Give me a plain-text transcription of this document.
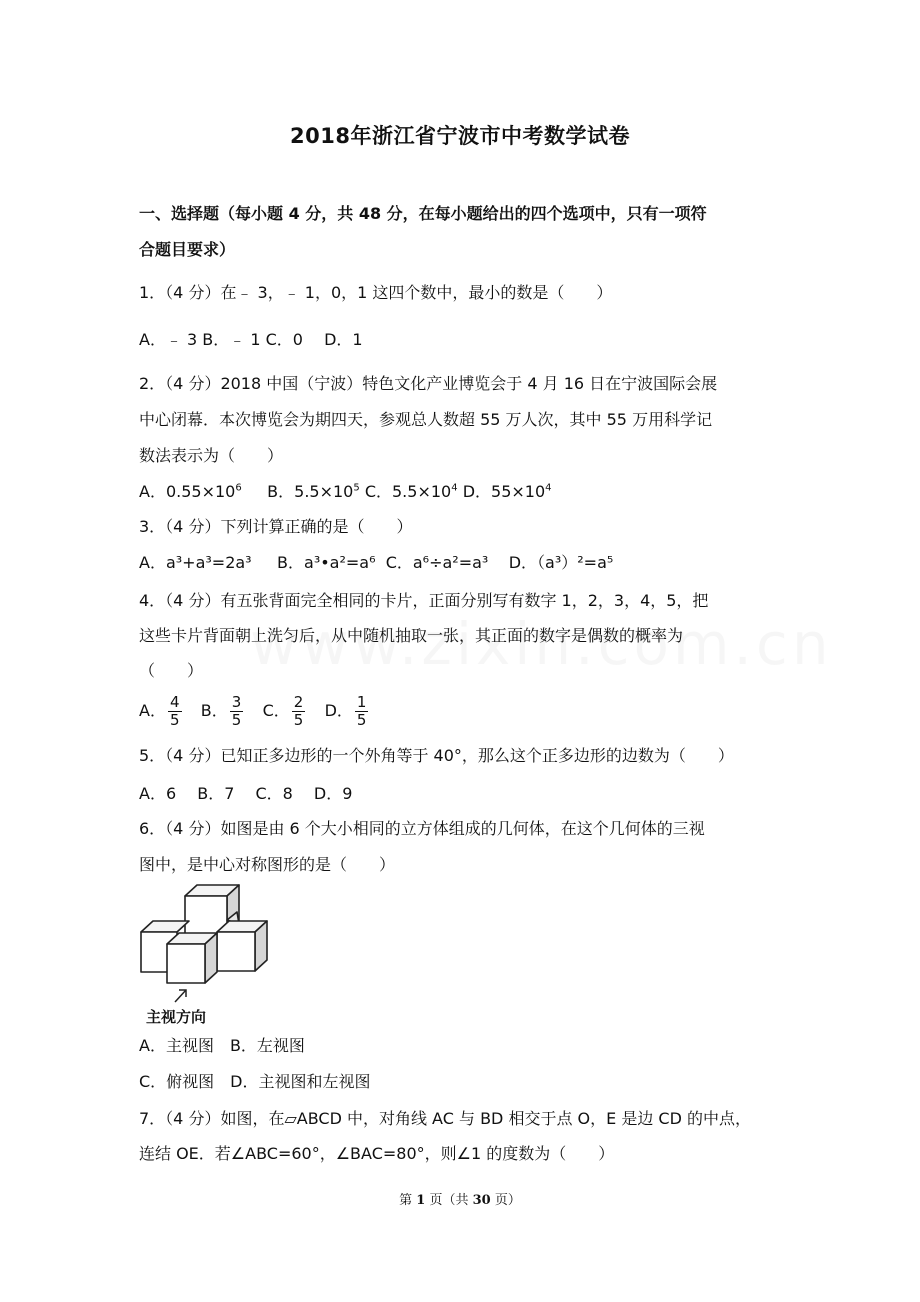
2018年浙江省宁波市中考数学试卷
一、选择题（每小题 4 分，共 48 分，在每小题给出的四个选项中，只有一项符
合题目要求）
1．（4 分）在﹣ 3，﹣ 1，0，1 这四个数中，最小的数是（　　）
A．﹣ 3 B．﹣ 1 C．0　 D．1
2．（4 分）2018 中国（宁波）特色文化产业博览会于 4 月 16 日在宁波国际会展
中心闭幕．本次博览会为期四天，参观总人数超 55 万人次，其中 55 万用科学记
数法表示为（　　）
A．$0.55\times 10^6$ B．$5.5\times 10^5$ C．$5.5\times 10^4$ D．$55\times 10^4$
3．（4 分）下列计算正确的是（　　）
A．a³+a³=2a³ B．a³•a²=a⁶ C．a⁶÷a²=a³ D．（a³）²=a⁵
4．（4 分）有五张背面完全相同的卡片，正面分别写有数字 1，2，3，4，5，把
这些卡片背面朝上洗匀后，从中随机抽取一张，其正面的数字是偶数的概率为
（　　）
A． $\frac{4}{5}$ B． $\frac{3}{5}$ C． $\frac{2}{5}$ D． $\frac{1}{5}$
5．（4 分）已知正多边形的一个外角等于 40°，那么这个正多边形的边数为（　　）
A．6　 B．7　 C．8　 D．9
6．（4 分）如图是由 6 个大小相同的立方体组成的几何体，在这个几何体的三视
图中，是中心对称图形的是（　　）
主视方向
A．主视图　B．左视图
C．俯视图　D．主视图和左视图
7．（4 分）如图，在▱ABCD 中，对角线 AC 与 BD 相交于点 O，E 是边 CD 的中点，
连结 OE．若∠ABC=60°，∠BAC=80°，则∠1 的度数为（　　）
第 1 页（共 30 页）
